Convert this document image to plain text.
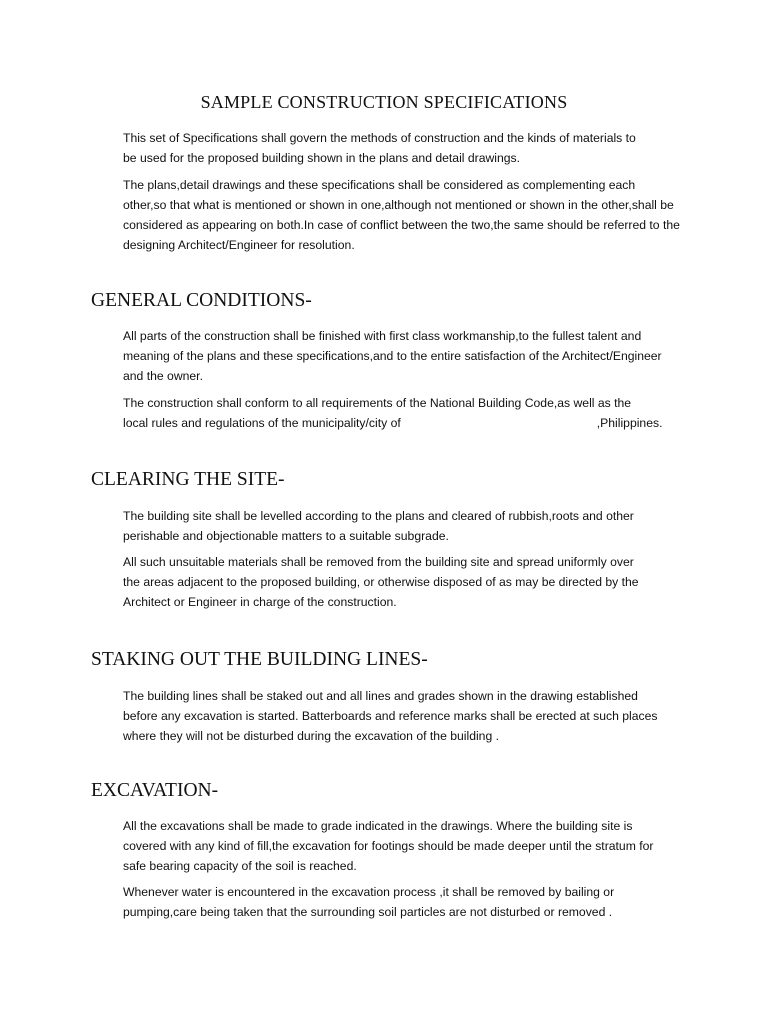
SAMPLE CONSTRUCTION SPECIFICATIONS

This set of Specifications shall govern the methods of construction and the kinds of materials to
be used for the proposed building shown in the plans and detail drawings.

The plans,detail drawings and these specifications shall be considered as complementing each
other,so that what is mentioned or shown in one,although not mentioned or shown in the other,shall be
considered as appearing on both.In case of conflict between the two,the same should be referred to the
designing Architect/Engineer for resolution.

GENERAL CONDITIONS-

All parts of the construction shall be finished with first class workmanship,to the fullest talent and
meaning of the plans and these specifications,and to the entire satisfaction of the Architect/Engineer
and the owner.

The construction shall conform to all requirements of the National Building Code,as well as the
local rules and regulations of the municipality/city of	,Philippines.

CLEARING THE SITE-

The building site shall be levelled according to the plans and cleared of rubbish,roots and other
perishable and objectionable matters to a suitable subgrade.

All such unsuitable materials shall be removed from the building site and spread uniformly over
the areas adjacent to the proposed building, or otherwise disposed of as may be directed by the
Architect or Engineer in charge of the construction.

STAKING OUT THE BUILDING LINES-

The building lines shall be staked out and all lines and grades shown in the drawing established
before any excavation is started. Batterboards and reference marks shall be erected at such places
where they will not be disturbed during the excavation of the building .

EXCAVATION-

All the excavations shall be made to grade indicated in the drawings. Where the building site is
covered with any kind of fill,the excavation for footings should be made deeper until the stratum for
safe bearing capacity of the soil is reached.

Whenever water is encountered in the excavation process ,it shall be removed by bailing or
pumping,care being taken that the surrounding soil particles are not disturbed or removed .
